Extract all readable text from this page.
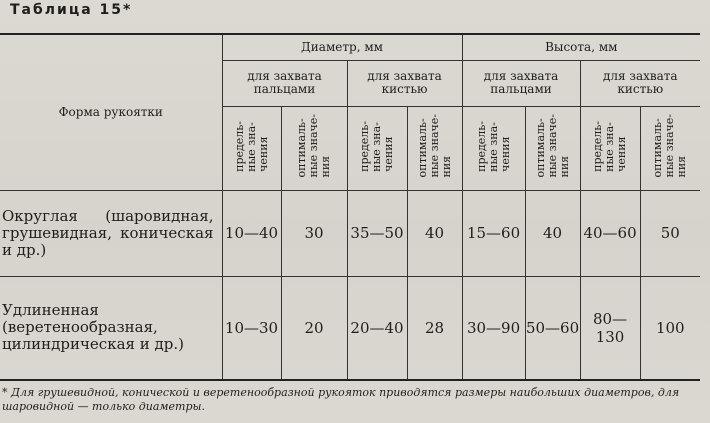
Таблица 15*
Форма рукоятки	Диаметр, мм				Высота, мм			
	для захвата пальцами		для захвата кистью		для захвата пальцами		для захвата кистью	
	предель-
ные зна-
чения	оптималь-
ные значе-
ния	предель-
ные зна-
чения	оптималь-
ные значе-
ния	предель-
ные зна-
чения	оптималь-
ные значе-
ния	предель-
ные зна-
чения	оптималь-
ные значе-
ния
Округлая (шаровидная, грушевидная, коническая и др.)	10—40	30	35—50	40	15—60	40	40—60	50
Удлиненная (веретенообразная, цилиндрическая и др.)	10—30	20	20—40	28	30—90	50—60	80—130	100
* Для грушевидной, конической и веретенообразной рукояток приводятся размеры наибольших диаметров, для шаровидной — только диаметры.
